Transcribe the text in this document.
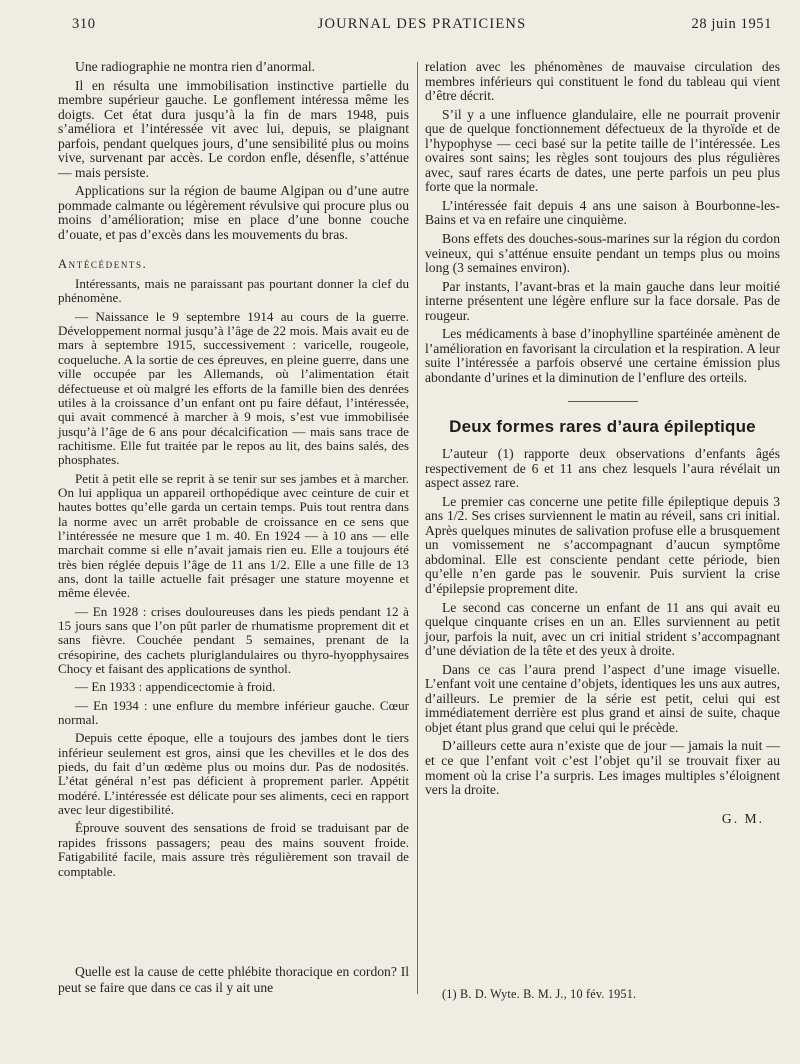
310	JOURNAL DES PRATICIENS	28 juin 1951

Une radiographie ne montra rien d’anormal.

Il en résulta une immobilisation instinctive partielle du membre supérieur gauche. Le gonflement intéressa même les doigts. Cet état dura jusqu’à la fin de mars 1948, puis s’améliora et l’intéressée vit avec lui, depuis, se plaignant parfois, pendant quelques jours, d’une sensibilité plus ou moins vive, survenant par accès. Le cordon enfle, désenfle, s’atténue — mais persiste.

Applications sur la région de baume Algipan ou d’une autre pommade calmante ou légèrement révulsive qui procure plus ou moins d’amélioration; mise en place d’une bonne couche d’ouate, et pas d’excès dans les mouvements du bras.

Antécédents.

Intéressants, mais ne paraissant pas pourtant donner la clef du phénomène.

— Naissance le 9 septembre 1914 au cours de la guerre. Développement normal jusqu’à l’âge de 22 mois. Mais avait eu de mars à septembre 1915, successivement : varicelle, rougeole, coqueluche. A la sortie de ces épreuves, en pleine guerre, dans une ville occupée par les Allemands, où l’alimentation était défectueuse et où malgré les efforts de la famille bien des denrées utiles à la croissance d’un enfant ont pu faire défaut, l’intéressée, qui avait commencé à marcher à 9 mois, s’est vue immobilisée jusqu’à l’âge de 6 ans pour décalcification — mais sans trace de rachitisme. Elle fut traitée par le repos au lit, des bains salés, des phosphates.

Petit à petit elle se reprit à se tenir sur ses jambes et à marcher. On lui appliqua un appareil orthopédique avec ceinture de cuir et hautes bottes qu’elle garda un certain temps. Puis tout rentra dans la norme avec un arrêt probable de croissance en ce sens que l’intéressée ne mesure que 1 m. 40. En 1924 — à 10 ans — elle marchait comme si elle n’avait jamais rien eu. Elle a toujours été très bien réglée depuis l’âge de 11 ans 1/2. Elle a une fille de 13 ans, dont la taille actuelle fait présager une stature moyenne et même élevée.

— En 1928 : crises douloureuses dans les pieds pendant 12 à 15 jours sans que l’on pût parler de rhumatisme proprement dit et sans fièvre. Couchée pendant 5 semaines, prenant de la crésopirine, des cachets pluriglandulaires ou thyro-hyopphysaires Chocy et faisant des applications de synthol.

— En 1933 : appendicectomie à froid.

— En 1934 : une enflure du membre inférieur gauche. Cœur normal.

Depuis cette époque, elle a toujours des jambes dont le tiers inférieur seulement est gros, ainsi que les chevilles et le dos des pieds, du fait d’un œdème plus ou moins dur. Pas de nodosités. L’état général n’est pas déficient à proprement parler. Appétit modéré. L’intéressée est délicate pour ses aliments, ceci en rapport avec leur digestibilité.

Éprouve souvent des sensations de froid se traduisant par de rapides frissons passagers; peau des mains souvent froide. Fatigabilité facile, mais assure très régulièrement son travail de comptable.

Quelle est la cause de cette phlébite thoracique en cordon? Il peut se faire que dans ce cas il y ait une

relation avec les phénomènes de mauvaise circulation des membres inférieurs qui constituent le fond du tableau qui vient d’être décrit.

S’il y a une influence glandulaire, elle ne pourrait provenir que de quelque fonctionnement défectueux de la thyroïde et de l’hypophyse — ceci basé sur la petite taille de l’intéressée. Les ovaires sont sains; les règles sont toujours des plus régulières avec, sauf rares écarts de dates, une perte parfois un peu plus forte que la normale.

L’intéressée fait depuis 4 ans une saison à Bourbonne-les-Bains et va en refaire une cinquième.

Bons effets des douches-sous-marines sur la région du cordon veineux, qui s’atténue ensuite pendant un temps plus ou moins long (3 semaines environ).

Par instants, l’avant-bras et la main gauche dans leur moitié interne présentent une légère enflure sur la face dorsale. Pas de rougeur.

Les médicaments à base d’inophylline spartéinée amènent de l’amélioration en favorisant la circulation et la respiration. A leur suite l’intéressée a parfois observé une certaine émission plus abondante d’urines et la diminution de l’enflure des orteils.

Deux formes rares d’aura épileptique

L’auteur (1) rapporte deux observations d’enfants âgés respectivement de 6 et 11 ans chez lesquels l’aura révélait un aspect assez rare.

Le premier cas concerne une petite fille épileptique depuis 3 ans 1/2. Ses crises surviennent le matin au réveil, sans cri initial. Après quelques minutes de salivation profuse elle a brusquement un vomissement ne s’accompagnant d’aucun symptôme abdominal. Elle est consciente pendant cette période, bien qu’elle n’en garde pas le souvenir. Puis survient la crise d’épilepsie proprement dite.

Le second cas concerne un enfant de 11 ans qui avait eu quelque cinquante crises en un an. Elles surviennent au petit jour, parfois la nuit, avec un cri initial strident s’accompagnant d’une déviation de la tête et des yeux à droite.

Dans ce cas l’aura prend l’aspect d’une image visuelle. L’enfant voit une centaine d’objets, identiques les uns aux autres, d’ailleurs. Le premier de la série est petit, celui qui est immédiatement derrière est plus grand et ainsi de suite, chaque objet étant plus grand que celui qui le précède.

D’ailleurs cette aura n’existe que de jour — jamais la nuit — et ce que l’enfant voit c’est l’objet qu’il se trouvait fixer au moment où la crise l’a surpris. Les images multiples s’éloignent vers la droite.

G. M.
(1) B. D. Wyte. B. M. J., 10 fév. 1951.
